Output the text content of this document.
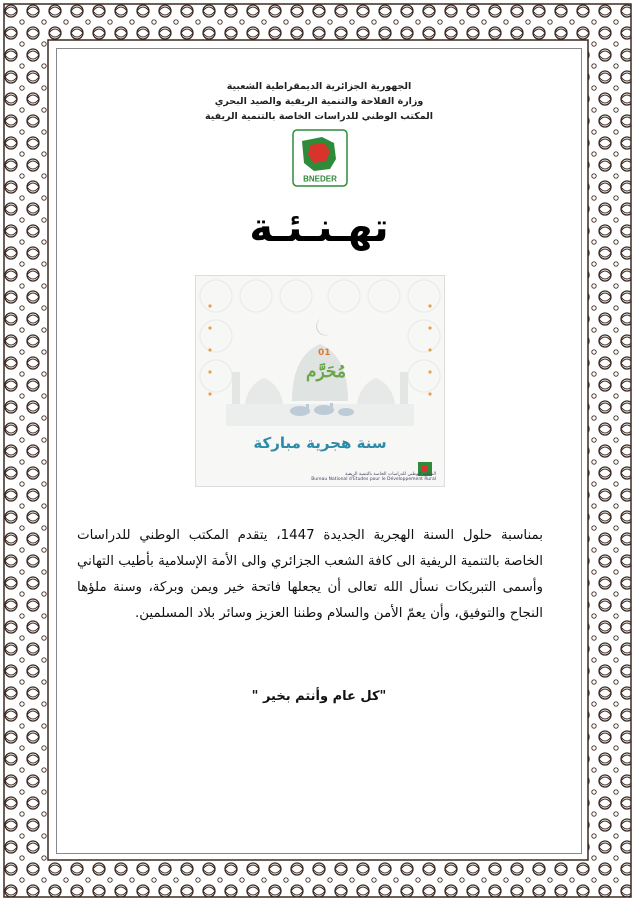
الجهورية الجزائرية الديمقراطية الشعبية
وزارة الفلاحة والتنمية الريفية والصيد البحري
المكتب الوطني للدراسات الخاصة بالتنمية الريفية
BNEDER
تهـنـئـة
01
مُحَرَّم
سنة هجرية مباركة
المكتب الوطني للدراسات الخاصة بالتنمية الريفية
Bureau National d'Etudes pour le Développement Rural
بمناسبة حلول السنة الهجرية الجديدة 1447، يتقدم المكتب الوطني للدراسات الخاصة بالتنمية الريفية الى كافة الشعب الجزائري والى الأمة الإسلامية بأطيب التهاني وأسمى التبريكات نسأل الله تعالى أن يجعلها فاتحة خير ويمن وبركة، وسنة ملؤها النجاح والتوفيق، وأن يعمّ الأمن والسلام وطننا العزيز وسائر بلاد المسلمين.
"كل عام وأنتم بخير "
